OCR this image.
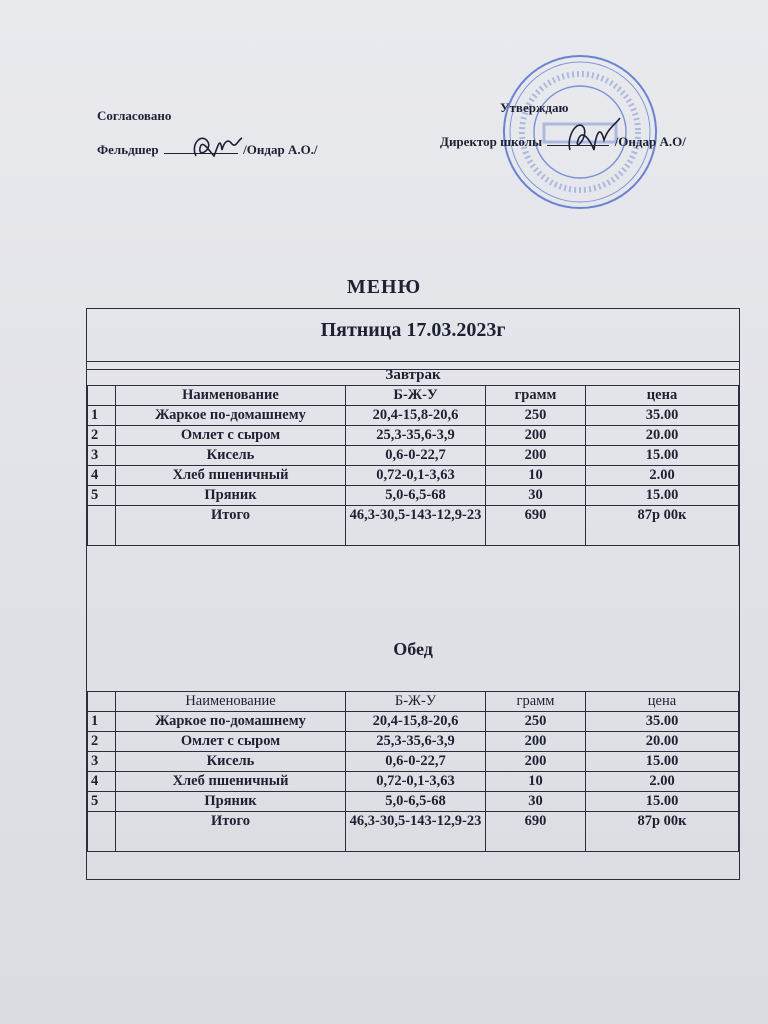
Согласовано
Фельдшер	/Ондар А.О./
Утверждаю
Директор школы	/Ондар А.О/
МЕНЮ
Пятница 17.03.2023г
Завтрак
	Наименование	Б-Ж-У	грамм	цена
1	Жаркое по-домашнему	20,4-15,8-20,6	250	35.00
2	Омлет с сыром	25,3-35,6-3,9	200	20.00
3	Кисель	0,6-0-22,7	200	15.00
4	Хлеб пшеничный	0,72-0,1-3,63	10	2.00
5	Пряник	5,0-6,5-68	30	15.00
	Итого	46,3-30,5-143-12,9-23	690	87р 00к
Обед
	Наименование	Б-Ж-У	грамм	цена
1	Жаркое по-домашнему	20,4-15,8-20,6	250	35.00
2	Омлет с сыром	25,3-35,6-3,9	200	20.00
3	Кисель	0,6-0-22,7	200	15.00
4	Хлеб пшеничный	0,72-0,1-3,63	10	2.00
5	Пряник	5,0-6,5-68	30	15.00
	Итого	46,3-30,5-143-12,9-23	690	87р 00к
